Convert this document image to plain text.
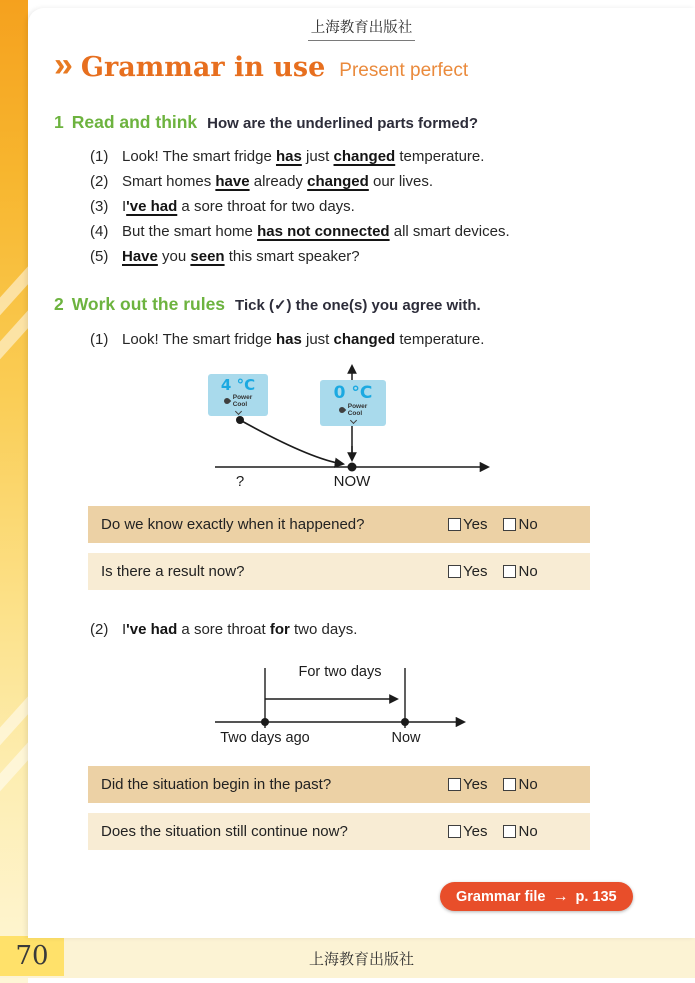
70	上海教育出版社
上海教育出版社
» Grammar in use Present perfect
1 Read and think How are the underlined parts formed?
(1) Look! The smart fridge has just changed temperature.
(2) Smart homes have already changed our lives.
(3) I've had a sore throat for two days.
(4) But the smart home has not connected all smart devices.
(5) Have you seen this smart speaker?
2 Work out the rules Tick (✓) the one(s) you agree with.
(1) Look! The smart fridge has just changed temperature.
4 °C
Power
Cool
0 °C
Power
Cool
?	NOW
Do we know exactly when it happened?	Yes No
Is there a result now?	Yes No
(2) I've had a sore throat for two days.
For two days
Two days ago	Now
Did the situation begin in the past?	Yes No
Does the situation still continue now?	Yes No
Grammar file → p. 135
